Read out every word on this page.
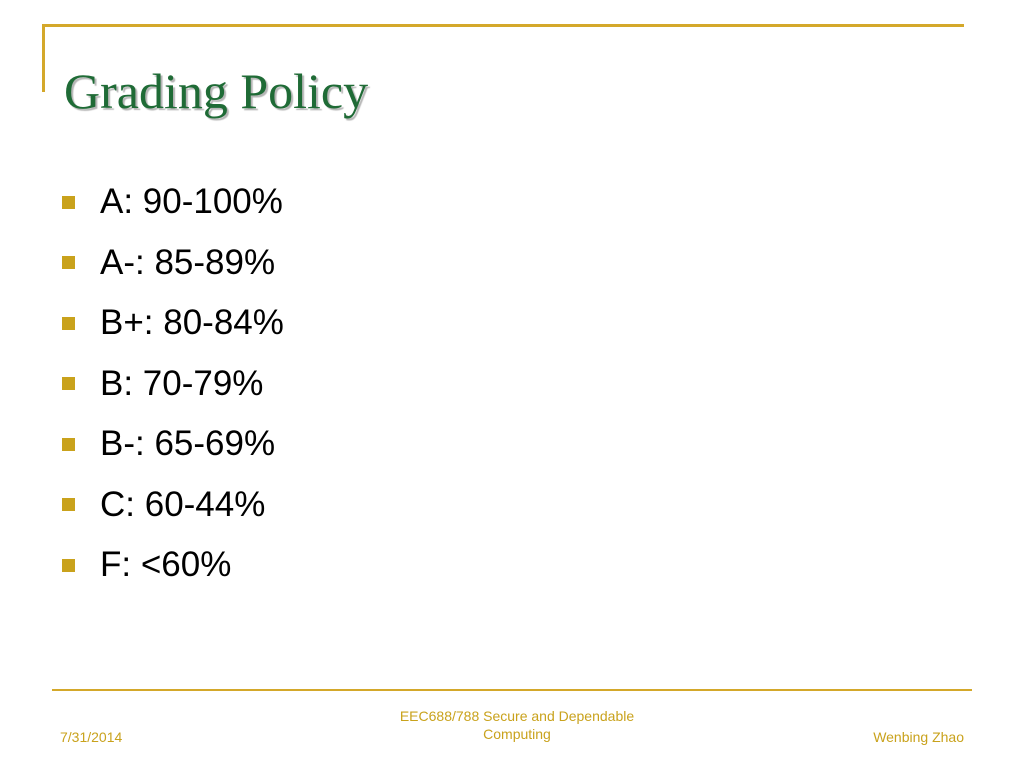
Grading Policy
A: 90-100%
A-: 85-89%
B+: 80-84%
B: 70-79%
B-: 65-69%
C: 60-44%
F: <60%
7/31/2014
EEC688/788 Secure and Dependable
Computing	Wenbing Zhao
